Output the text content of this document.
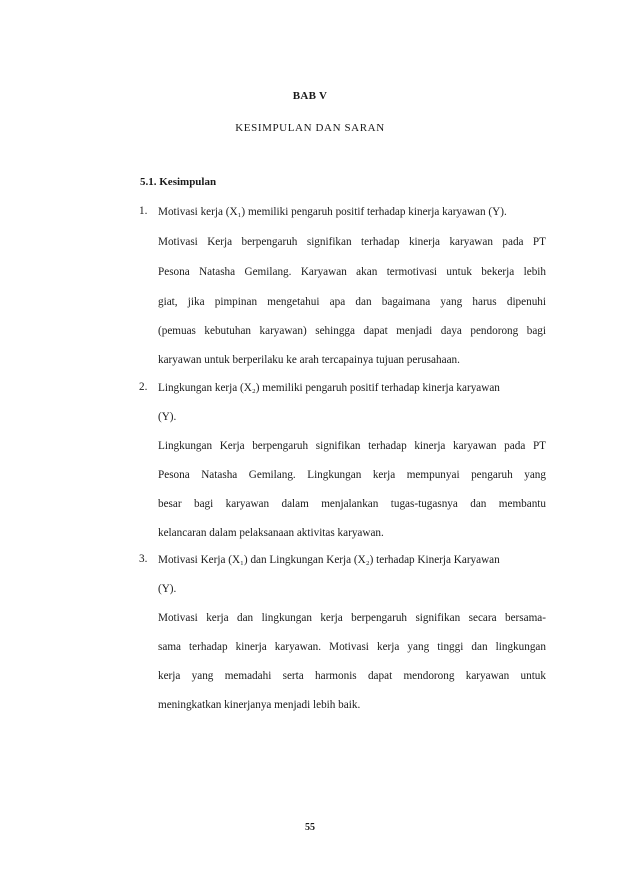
BAB V
KESIMPULAN DAN SARAN
5.1. Kesimpulan
1. Motivasi kerja (X₁) memiliki pengaruh positif terhadap kinerja karyawan (Y).
Motivasi Kerja berpengaruh signifikan terhadap kinerja karyawan pada PT
Pesona Natasha Gemilang. Karyawan akan termotivasi untuk bekerja lebih
giat, jika pimpinan mengetahui apa dan bagaimana yang harus dipenuhi
(pemuas kebutuhan karyawan) sehingga dapat menjadi daya pendorong bagi
karyawan untuk berperilaku ke arah tercapainya tujuan perusahaan.
2. Lingkungan kerja (X₂) memiliki pengaruh positif terhadap kinerja karyawan
(Y).
Lingkungan Kerja berpengaruh signifikan terhadap kinerja karyawan pada PT
Pesona Natasha Gemilang. Lingkungan kerja mempunyai pengaruh yang
besar bagi karyawan dalam menjalankan tugas-tugasnya dan membantu
kelancaran dalam pelaksanaan aktivitas karyawan.
3. Motivasi Kerja (X₁) dan Lingkungan Kerja (X₂) terhadap Kinerja Karyawan
(Y).
Motivasi kerja dan lingkungan kerja berpengaruh signifikan secara bersama-
sama terhadap kinerja karyawan. Motivasi kerja yang tinggi dan lingkungan
kerja yang memadahi serta harmonis dapat mendorong karyawan untuk
meningkatkan kinerjanya menjadi lebih baik.
55
